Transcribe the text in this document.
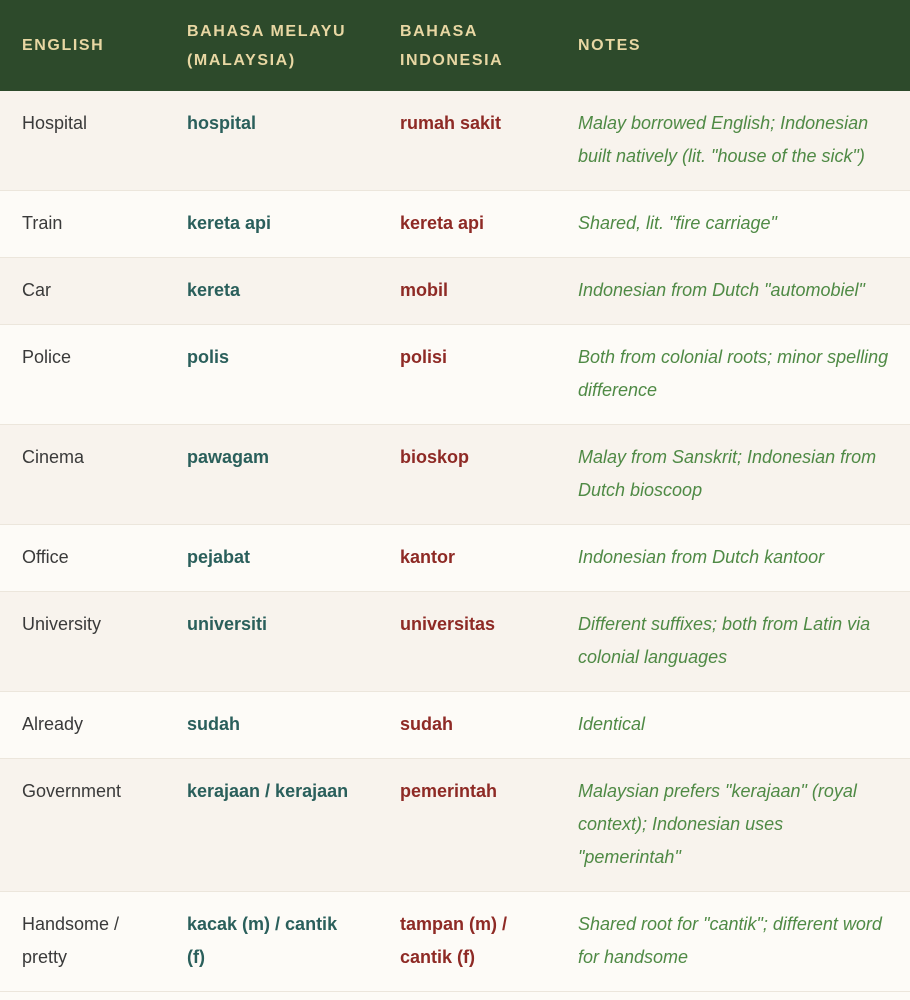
ENGLISH	BAHASA MELAYU (MALAYSIA)	BAHASA INDONESIA	NOTES
Hospital	hospital	rumah sakit	Malay borrowed English; Indonesian built natively (lit. "house of the sick")
Train	kereta api	kereta api	Shared, lit. "fire carriage"
Car	kereta	mobil	Indonesian from Dutch "automobiel"
Police	polis	polisi	Both from colonial roots; minor spelling difference
Cinema	pawagam	bioskop	Malay from Sanskrit; Indonesian from Dutch bioscoop
Office	pejabat	kantor	Indonesian from Dutch kantoor
University	universiti	universitas	Different suffixes; both from Latin via colonial languages
Already	sudah	sudah	Identical
Government	kerajaan / kerajaan	pemerintah	Malaysian prefers "kerajaan" (royal context); Indonesian uses "pemerintah"
Handsome / pretty	kacak (m) / cantik (f)	tampan (m) / cantik (f)	Shared root for "cantik"; different word for handsome
